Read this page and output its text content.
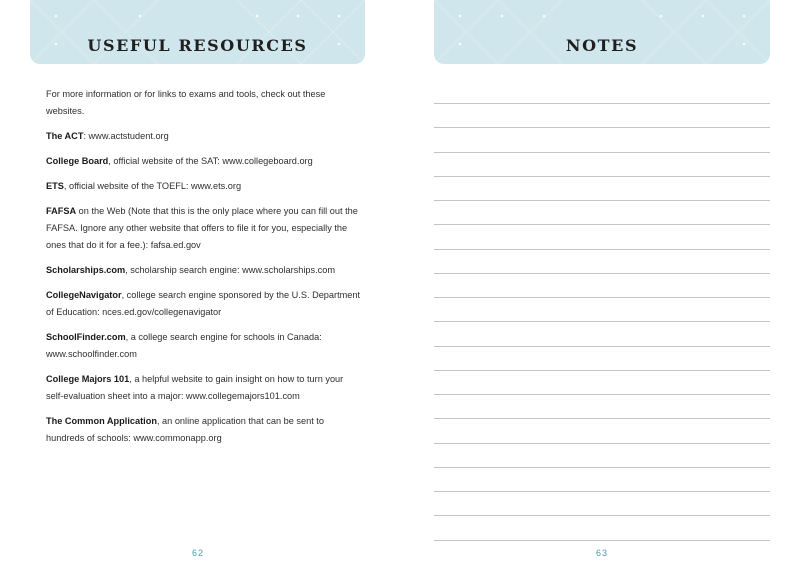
USEFUL RESOURCES

For more information or for links to exams and tools, check out these websites.

The ACT: www.actstudent.org

College Board, official website of the SAT: www.collegeboard.org

ETS, official website of the TOEFL: www.ets.org

FAFSA on the Web (Note that this is the only place where you can fill out the FAFSA. Ignore any other website that offers to file it for you, especially the ones that do it for a fee.): fafsa.ed.gov

Scholarships.com, scholarship search engine: www.scholarships.com

CollegeNavigator, college search engine sponsored by the U.S. Department of Education: nces.ed.gov/collegenavigator

SchoolFinder.com, a college search engine for schools in Canada: www.schoolfinder.com

College Majors 101, a helpful website to gain insight on how to turn your self-evaluation sheet into a major: www.collegemajors101.com

The Common Application, an online application that can be sent to hundreds of schools: www.commonapp.org

62
NOTES
63
